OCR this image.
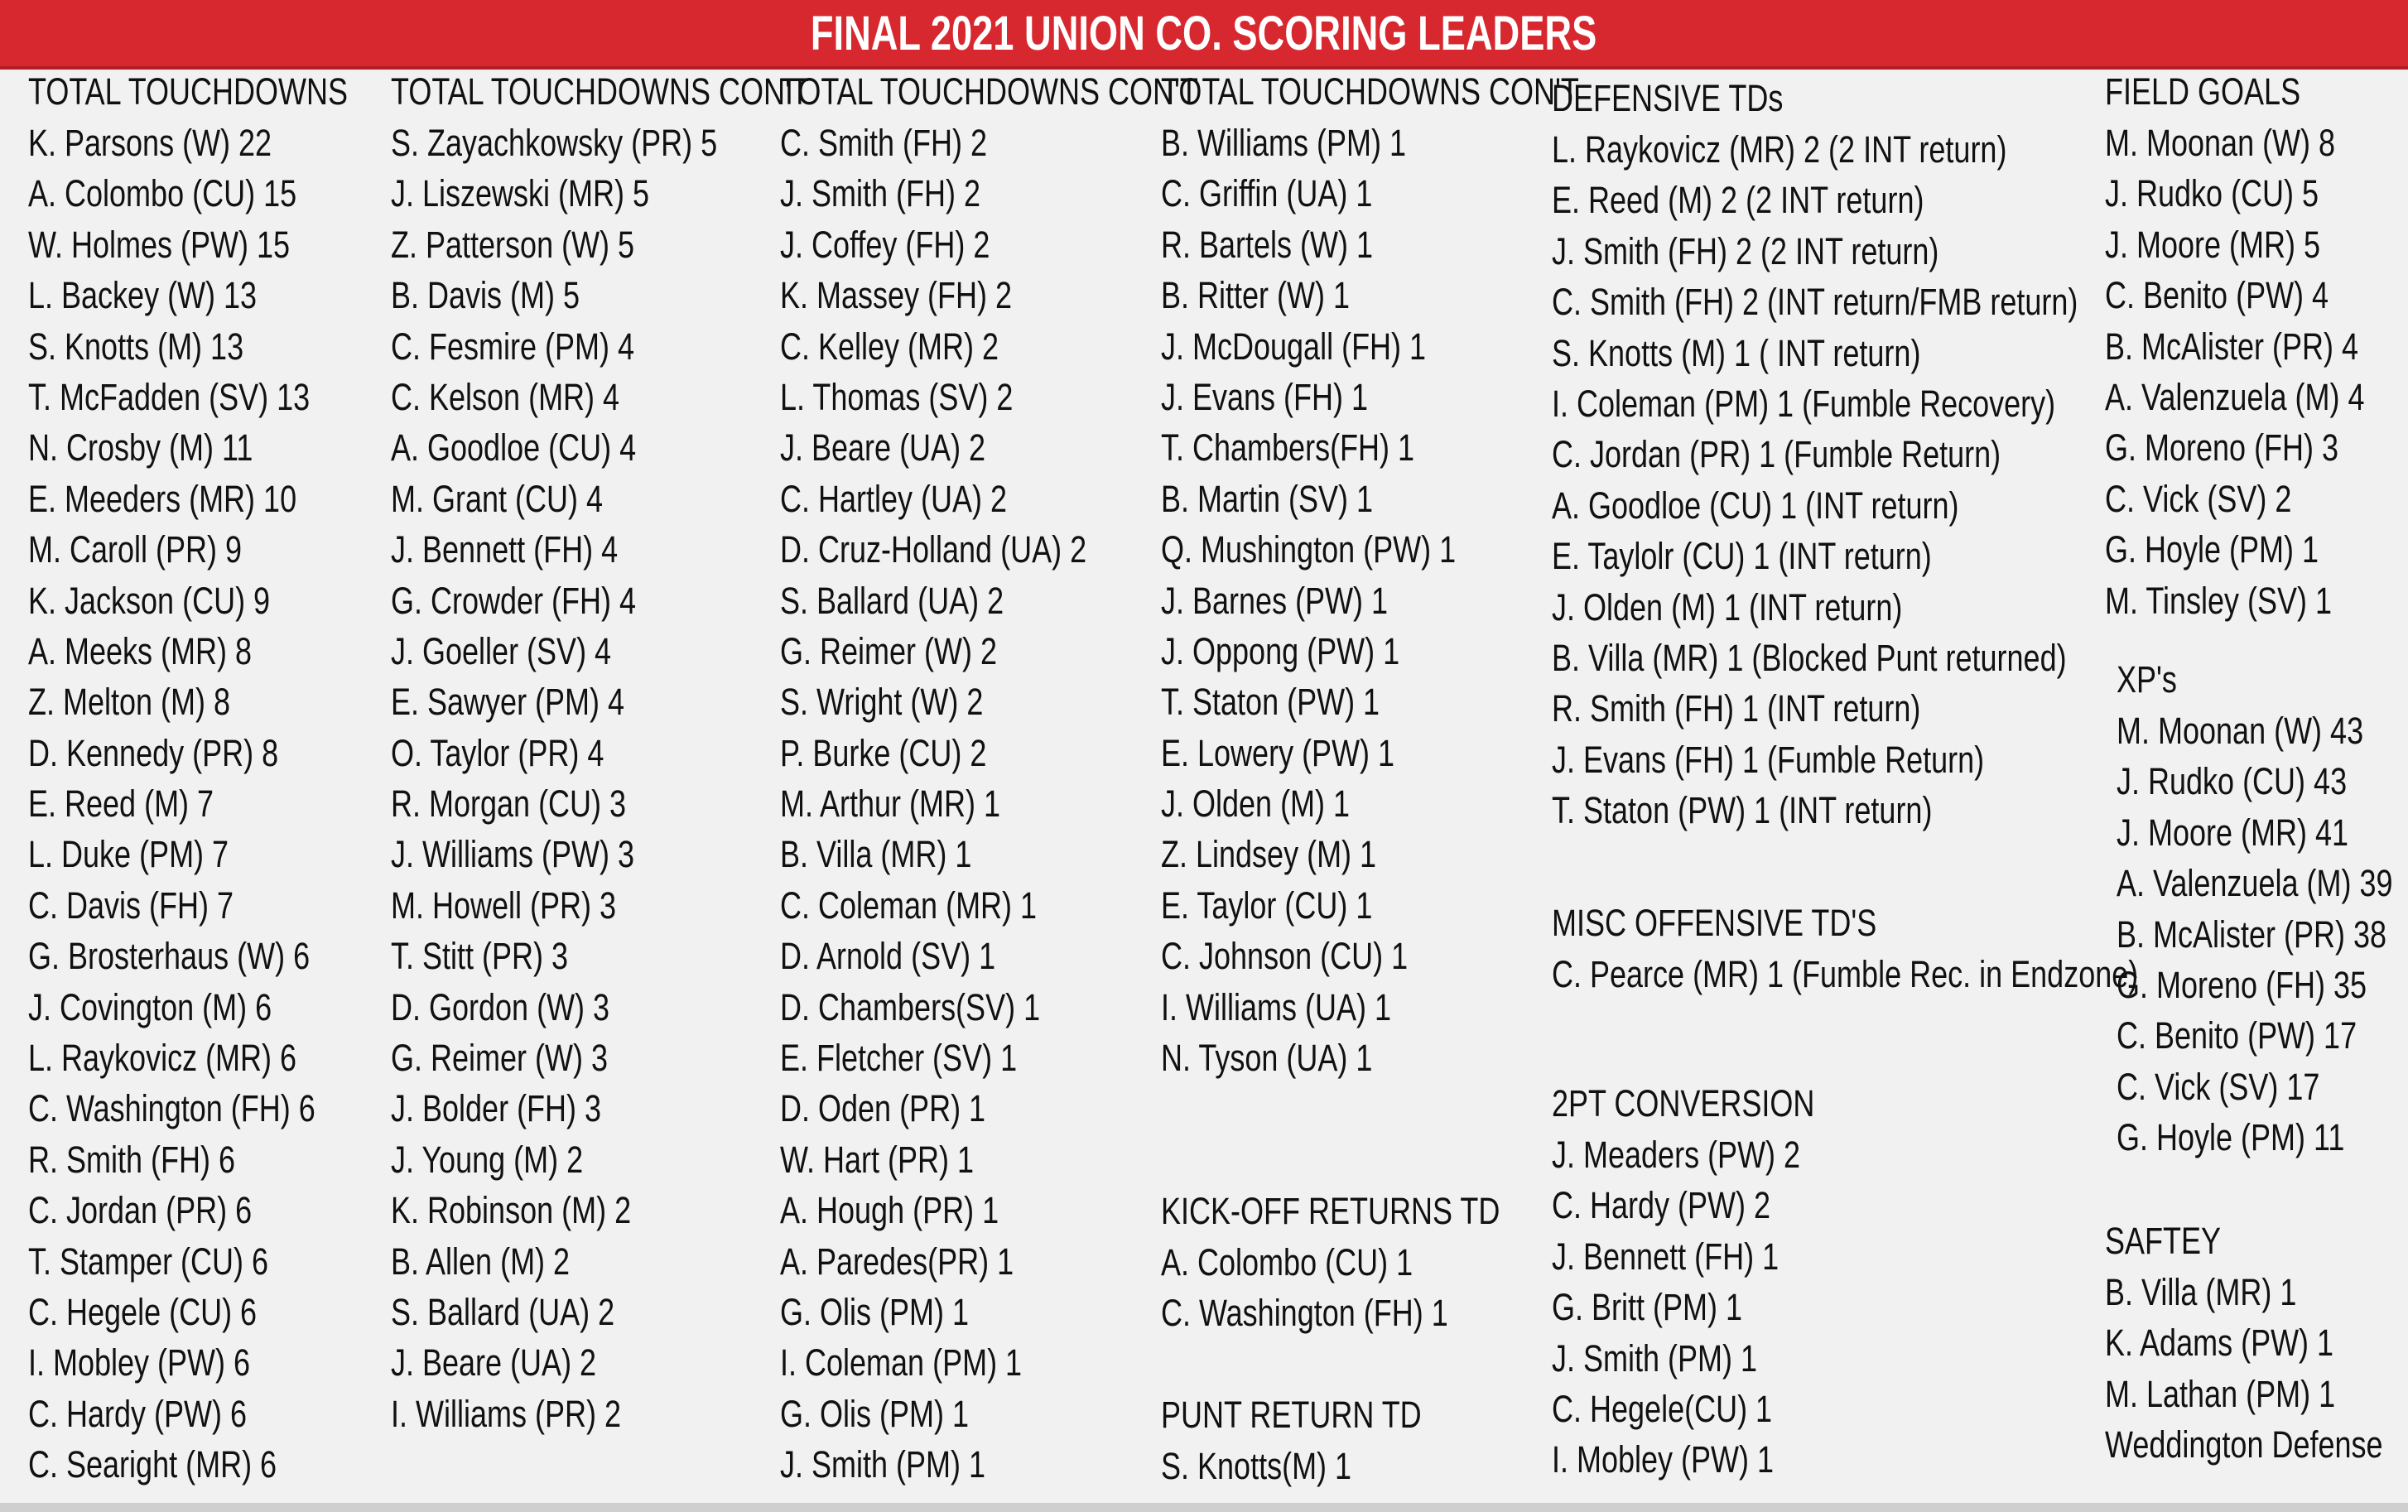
FINAL 2021 UNION CO. SCORING LEADERS
TOTAL TOUCHDOWNS
K. Parsons (W) 22
A. Colombo (CU) 15
W. Holmes (PW) 15
L. Backey (W) 13
S. Knotts (M) 13
T. McFadden (SV) 13
N. Crosby (M) 11
E. Meeders (MR) 10
M. Caroll (PR) 9
K. Jackson (CU) 9
A. Meeks (MR) 8
Z. Melton (M) 8
D. Kennedy (PR) 8
E. Reed (M) 7
L. Duke (PM) 7
C. Davis (FH) 7
G. Brosterhaus (W) 6
J. Covington (M) 6
L. Raykovicz (MR) 6
C. Washington (FH) 6
R. Smith (FH) 6
C. Jordan (PR) 6
T. Stamper (CU) 6
C. Hegele (CU) 6
I. Mobley (PW) 6
C. Hardy (PW) 6
C. Searight (MR) 6
TOTAL TOUCHDOWNS CON'T
S. Zayachkowsky (PR) 5
J. Liszewski (MR) 5
Z. Patterson (W) 5
B. Davis (M) 5
C. Fesmire (PM) 4
C. Kelson (MR) 4
A. Goodloe (CU) 4
M. Grant (CU) 4
J. Bennett (FH) 4
G. Crowder (FH) 4
J. Goeller (SV) 4
E. Sawyer (PM) 4
O. Taylor (PR) 4
R. Morgan (CU) 3
J. Williams (PW) 3
M. Howell (PR) 3
T. Stitt (PR) 3
D. Gordon (W) 3
G. Reimer (W) 3
J. Bolder (FH) 3
J. Young (M) 2
K. Robinson (M) 2
B. Allen (M) 2
S. Ballard (UA) 2
J. Beare (UA) 2
I. Williams (PR) 2
TOTAL TOUCHDOWNS CON'T
C. Smith (FH) 2
J. Smith (FH) 2
J. Coffey (FH) 2
K. Massey (FH) 2
C. Kelley (MR) 2
L. Thomas (SV) 2
J. Beare (UA) 2
C. Hartley (UA) 2
D. Cruz-Holland (UA) 2
S. Ballard (UA) 2
G. Reimer (W) 2
S. Wright (W) 2
P. Burke (CU) 2
M. Arthur (MR) 1
B. Villa (MR) 1
C. Coleman (MR) 1
D. Arnold (SV) 1
D. Chambers(SV) 1
E. Fletcher (SV) 1
D. Oden (PR) 1
W. Hart (PR) 1
A. Hough (PR) 1
A. Paredes(PR) 1
G. Olis (PM) 1
I. Coleman (PM) 1
G. Olis (PM) 1
J. Smith (PM) 1
TOTAL TOUCHDOWNS CON'T
B. Williams (PM) 1
C. Griffin (UA) 1
R. Bartels (W) 1
B. Ritter (W) 1
J. McDougall (FH) 1
J. Evans (FH) 1
T. Chambers(FH) 1
B. Martin (SV) 1
Q. Mushington (PW) 1
J. Barnes (PW) 1
J. Oppong (PW) 1
T. Staton (PW) 1
E. Lowery (PW) 1
J. Olden (M) 1
Z. Lindsey (M) 1
E. Taylor (CU) 1
C. Johnson (CU) 1
I. Williams (UA) 1
N. Tyson (UA) 1
KICK-OFF RETURNS TD
A. Colombo (CU) 1
C. Washington (FH) 1
PUNT RETURN TD
S. Knotts(M) 1
DEFENSIVE TDs
L. Raykovicz (MR) 2 (2 INT return)
E. Reed (M) 2 (2 INT return)
J. Smith (FH) 2 (2 INT return)
C. Smith (FH) 2 (INT return/FMB return)
S. Knotts (M) 1 ( INT return)
I. Coleman (PM) 1 (Fumble Recovery)
C. Jordan (PR) 1 (Fumble Return)
A. Goodloe (CU) 1 (INT return)
E. Taylolr (CU) 1 (INT return)
J. Olden (M) 1 (INT return)
B. Villa (MR) 1 (Blocked Punt returned)
R. Smith (FH) 1 (INT return)
J. Evans (FH) 1 (Fumble Return)
T. Staton (PW) 1 (INT return)
MISC OFFENSIVE TD'S
C. Pearce (MR) 1 (Fumble Rec. in Endzone)
2PT CONVERSION
J. Meaders (PW) 2
C. Hardy (PW) 2
J. Bennett (FH) 1
G. Britt (PM) 1
J. Smith (PM) 1
C. Hegele(CU) 1
I. Mobley (PW) 1
FIELD GOALS
M. Moonan (W) 8
J. Rudko (CU) 5
J. Moore (MR) 5
C. Benito (PW) 4
B. McAlister (PR) 4
A. Valenzuela (M) 4
G. Moreno (FH) 3
C. Vick (SV) 2
G. Hoyle (PM) 1
M. Tinsley (SV) 1
XP's
M. Moonan (W) 43
J. Rudko (CU) 43
J. Moore (MR) 41
A. Valenzuela (M) 39
B. McAlister (PR) 38
G. Moreno (FH) 35
C. Benito (PW) 17
C. Vick (SV) 17
G. Hoyle (PM) 11
SAFTEY
B. Villa (MR) 1
K. Adams (PW) 1
M. Lathan (PM) 1
Weddington Defense
